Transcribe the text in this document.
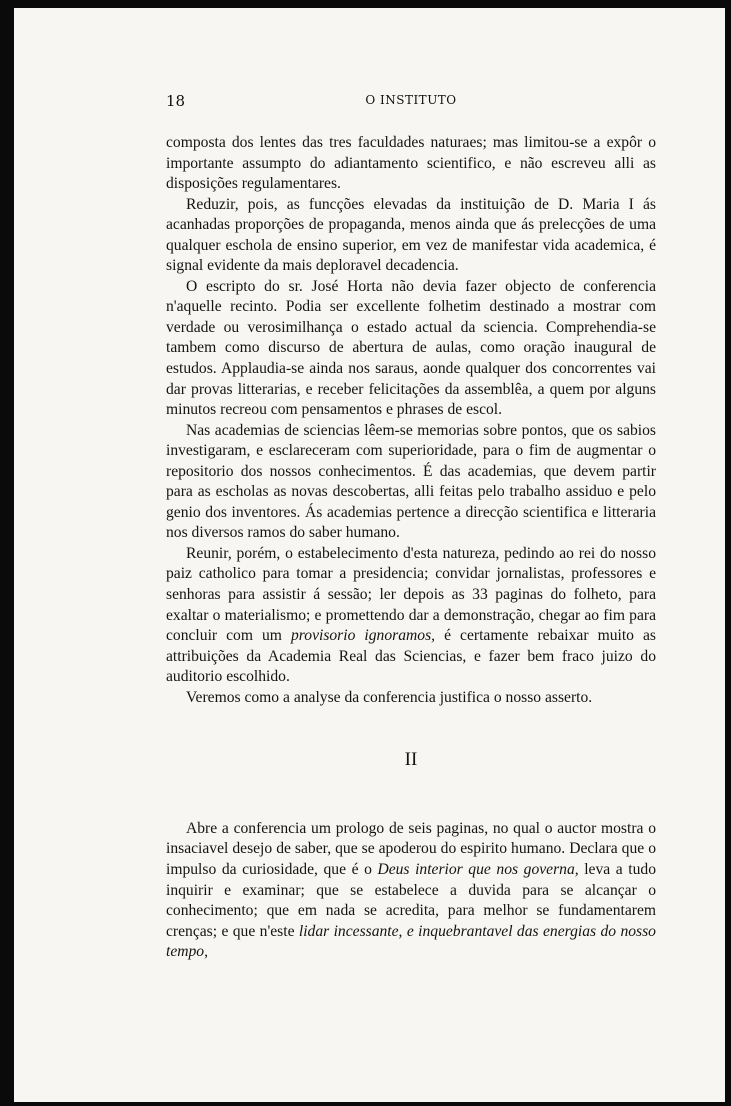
18	O INSTITUTO

composta dos lentes das tres faculdades naturaes; mas limitou-se a expôr o importante assumpto do adiantamento scientifico, e não escreveu alli as disposições regulamentares.

Reduzir, pois, as funcções elevadas da instituição de D. Maria I ás acanhadas proporções de propaganda, menos ainda que ás prelecções de uma qualquer eschola de ensino superior, em vez de manifestar vida academica, é signal evidente da mais deploravel decadencia.

O escripto do sr. José Horta não devia fazer objecto de conferencia n'aquelle recinto. Podia ser excellente folhetim destinado a mostrar com verdade ou verosimilhança o estado actual da sciencia. Comprehendia-se tambem como discurso de abertura de aulas, como oração inaugural de estudos. Applaudia-se ainda nos saraus, aonde qualquer dos concorrentes vai dar provas litterarias, e receber felicitações da assemblêa, a quem por alguns minutos recreou com pensamentos e phrases de escol.

Nas academias de sciencias lêem-se memorias sobre pontos, que os sabios investigaram, e esclareceram com superioridade, para o fim de augmentar o repositorio dos nossos conhecimentos. É das academias, que devem partir para as escholas as novas descobertas, alli feitas pelo trabalho assiduo e pelo genio dos inventores. Ás academias pertence a direcção scientifica e litteraria nos diversos ramos do saber humano.

Reunir, porém, o estabelecimento d'esta natureza, pedindo ao rei do nosso paiz catholico para tomar a presidencia; convidar jornalistas, professores e senhoras para assistir á sessão; ler depois as 33 paginas do folheto, para exaltar o materialismo; e promettendo dar a demonstração, chegar ao fim para concluir com um provisorio ignoramos, é certamente rebaixar muito as attribuições da Academia Real das Sciencias, e fazer bem fraco juizo do auditorio escolhido.

Veremos como a analyse da conferencia justifica o nosso asserto.

II

Abre a conferencia um prologo de seis paginas, no qual o auctor mostra o insaciavel desejo de saber, que se apoderou do espirito humano. Declara que o impulso da curiosidade, que é o Deus interior que nos governa, leva a tudo inquirir e examinar; que se estabelece a duvida para se alcançar o conhecimento; que em nada se acredita, para melhor se fundamentarem crenças; e que n'este lidar incessante, e inquebrantavel das energias do nosso tempo,
